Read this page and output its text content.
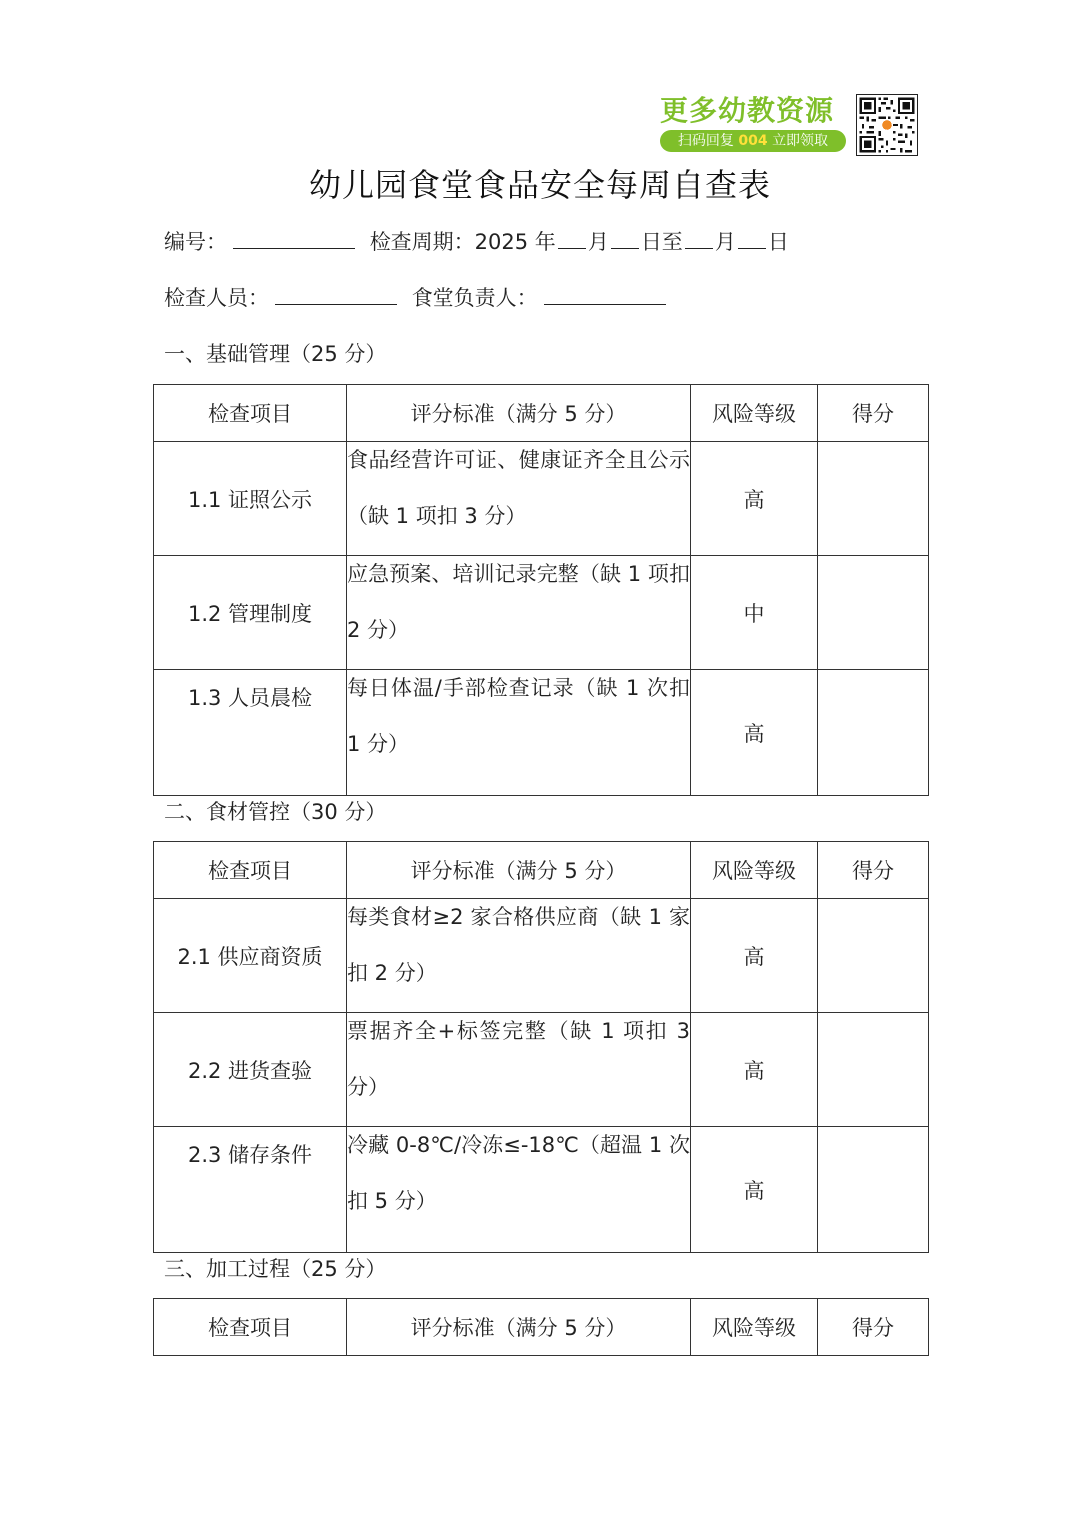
更多幼教资源
扫码回复 004 立即领取
幼儿园食堂食品安全每周自查表
编号：	检查周期：2025 年 月 日至 月 日
检查人员：	食堂负责人：
一、基础管理（25 分）
检查项目	评分标准（满分 5 分）	风险等级	得分
1.1 证照公示	食品经营许可证、健康证齐全且公示（缺 1 项扣 3 分）	高	
1.2 管理制度	应急预案、培训记录完整（缺 1 项扣 2 分）	中	
1.3 人员晨检	每日体温/手部检查记录（缺 1 次扣 1 分）	高	
二、食材管控（30 分）
检查项目	评分标准（满分 5 分）	风险等级	得分
2.1 供应商资质	每类食材≥2 家合格供应商（缺 1 家扣 2 分）	高	
2.2 进货查验	票据齐全+标签完整（缺 1 项扣 3 分）	高	
2.3 储存条件	冷藏 0-8℃/冷冻≤-18℃（超温 1 次扣 5 分）	高	
三、加工过程（25 分）
检查项目	评分标准（满分 5 分）	风险等级	得分
